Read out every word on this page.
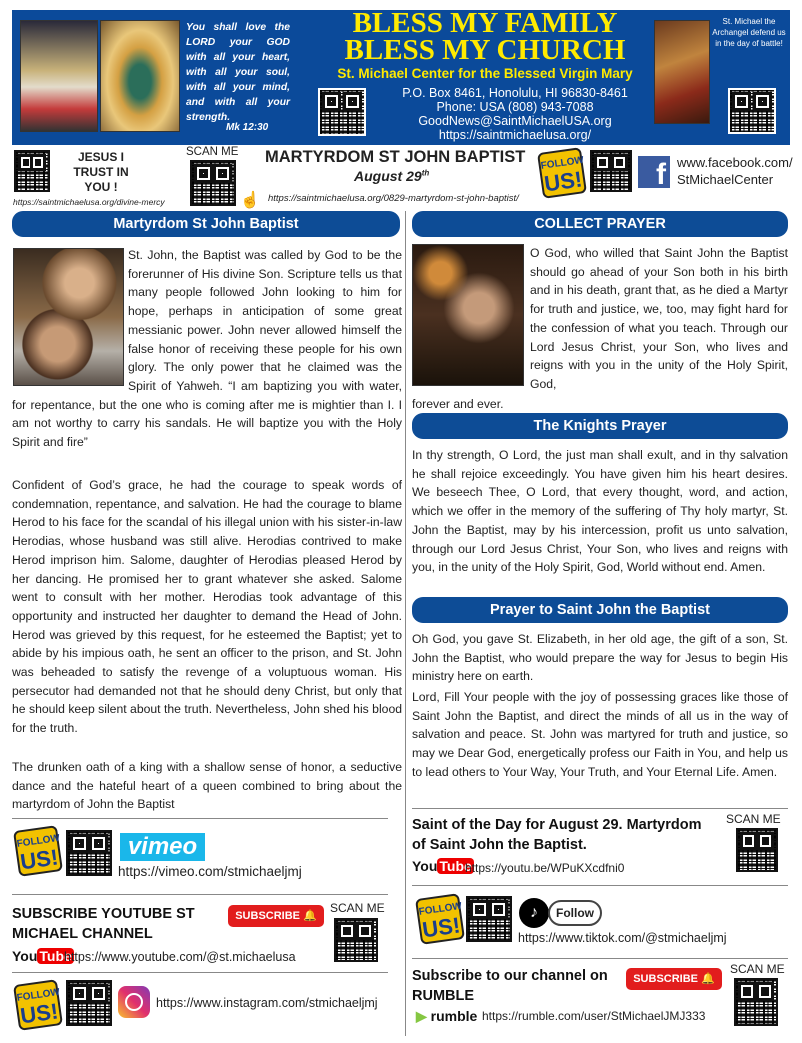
You shall love the LORD your GOD with all your heart, with all your soul, with all your mind, and with all your strength.
Mk 12:30
BLESS MY FAMILY
BLESS MY CHURCH
St. Michael Center for the Blessed Virgin Mary
P.O. Box 8461, Honolulu, HI 96830-8461
Phone: USA (808) 943-7088
GoodNews@SaintMichaelUSA.org
https://saintmichaelusa.org/
St. Michael the Archangel defend us in the day of battle!
JESUS I TRUST IN YOU !
https://saintmichaelusa.org/divine-mercy
SCAN ME
☝
MARTYRDOM ST JOHN BAPTIST
August 29th
https://saintmichaelusa.org/0829-martyrdom-st-john-baptist/
FOLLOW
US!	f www.facebook.com/ StMichaelCenter
Martyrdom St John Baptist
St. John, the Baptist was called by God to be the forerunner of His divine Son. Scripture tells us that many people followed John looking to him for hope, perhaps in anticipation of some great messianic power. John never allowed himself the false honor of receiving these people for his own glory. The only power that he claimed was the Spirit of Yahweh. “I am baptizing you with water, for repentance, but the one who is coming after me is mightier than I. I am not worthy to carry his sandals. He will baptize you with the Holy Spirit and fire”
Confident of God’s grace, he had the courage to speak words of condemnation, repentance, and salvation. He had the courage to blame Herod to his face for the scandal of his illegal union with his sister-in-law Herodias, whose husband was still alive. Herodias contrived to make Herod imprison him. Salome, daughter of Herodias pleased Herod by her dancing. He promised her to grant whatever she asked. Salome went to consult with her mother. Herodias took advantage of this opportunity and instructed her daughter to demand the Head of John. Herod was grieved by this request, for he esteemed the Baptist; yet to abide by his impious oath, he sent an officer to the prison, and St. John was beheaded to satisfy the revenge of a voluptuous woman. His persecutor had demanded not that he should deny Christ, but only that he should keep silent about the truth. Nevertheless, John shed his blood for the truth.
The drunken oath of a king with a shallow sense of honor, a seductive dance and the hateful heart of a queen combined to bring about the martyrdom of John the Baptist
FOLLOW
US!	vimeo
https://vimeo.com/stmichaeljmj
SUBSCRIBE YOUTUBE ST MICHAEL CHANNEL
SUBSCRIBE 🔔
SCAN ME
You Tube
https://www.youtube.com/@st.michaelusa
FOLLOW
US!	https://www.instagram.com/stmichaeljmj
COLLECT PRAYER
O God, who willed that Saint John the Baptist should go ahead of your Son both in his birth and in his death, grant that, as he died a Martyr for truth and justice, we, too, may fight hard for the confession of what you teach. Through our Lord Jesus Christ, your Son, who lives and reigns with you in the unity of the Holy Spirit, God,
forever and ever.
The Knights Prayer
In thy strength, O Lord, the just man shall exult, and in thy salvation he shall rejoice exceedingly. You have given him his heart desires. We beseech Thee, O Lord, that every thought, word, and action, which we offer in the memory of the suffering of Thy holy martyr, St. John the Baptist, may by his intercession, profit us unto salvation, through our Lord Jesus Christ, Your Son, who lives and reigns with you, in the unity of the Holy Spirit, God, World without end. Amen.
Prayer to Saint John the Baptist
Oh God, you gave St. Elizabeth, in her old age, the gift of a son, St. John the Baptist, who would prepare the way for Jesus to begin His ministry here on earth.
Lord, Fill Your people with the joy of possessing graces like those of Saint John the Baptist, and direct the minds of all us in the way of salvation and peace. St. John was martyred for truth and justice, so may we Dear God, energetically profess our Faith in You, and help us to lead others to Your Way, Your Truth, and Your Eternal Life. Amen.
Saint of the Day for August 29. Martyrdom of Saint John the Baptist.
SCAN ME
You Tube
https://youtu.be/WPuKXcdfni0
FOLLOW
US!	♪	Follow
https://www.tiktok.com/@stmichaeljmj
Subscribe to our channel on RUMBLE
SUBSCRIBE 🔔
SCAN ME
▶ rumble https://rumble.com/user/StMichaelJMJ333
